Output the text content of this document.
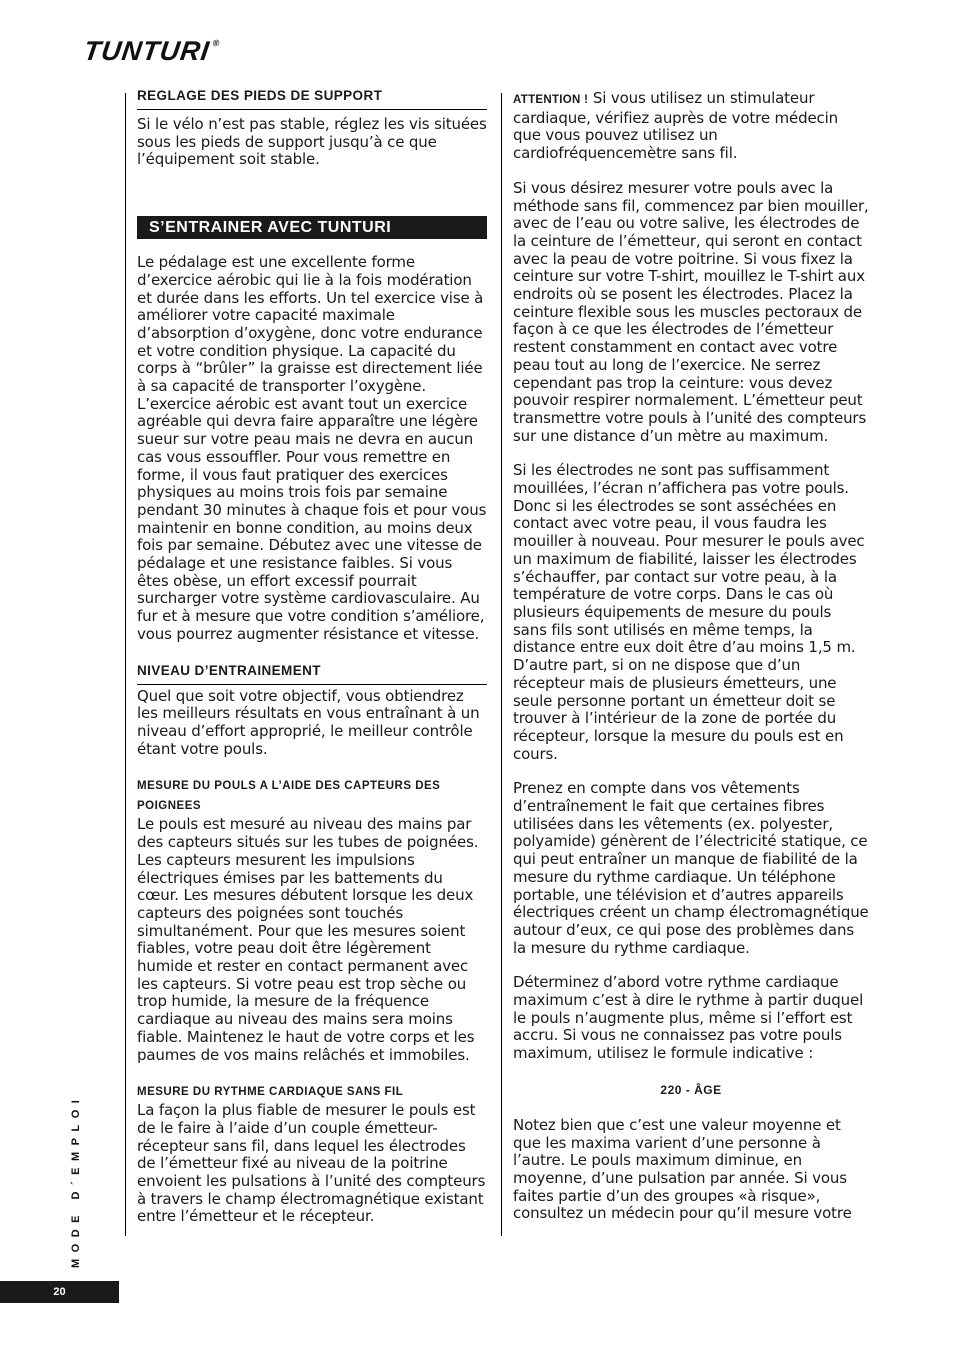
TUNTURI®
REGLAGE DES PIEDS DE SUPPORT

Si le vélo n’est pas stable, réglez les vis situées sous les pieds de support jusqu’à ce que l’équipement soit stable.

S’ENTRAINER AVEC TUNTURI

Le pédalage est une excellente forme d’exercice aérobic qui lie à la fois modération et durée dans les efforts. Un tel exercice vise à améliorer votre capacité maximale d’absorption d’oxygène, donc votre endurance et votre condition physique. La capacité du corps à “brûler” la graisse est directement liée à sa capacité de transporter l’oxygène. L’exercice aérobic est avant tout un exercice agréable qui devra faire apparaître une légère sueur sur votre peau mais ne devra en aucun cas vous essouffler. Pour vous remettre en forme, il vous faut pratiquer des exercices physiques au moins trois fois par semaine pendant 30 minutes à chaque fois et pour vous maintenir en bonne condition, au moins deux fois par semaine. Débutez avec une vitesse de pédalage et une resistance faibles. Si vous êtes obèse, un effort excessif pourrait surcharger votre système cardiovasculaire. Au fur et à mesure que votre condition s’améliore, vous pourrez augmenter résistance et vitesse.

NIVEAU D’ENTRAINEMENT

Quel que soit votre objectif, vous obtiendrez les meilleurs résultats en vous entraînant à un niveau d’effort approprié, le meilleur contrôle étant votre pouls.

MESURE DU POULS A L’AIDE DES CAPTEURS DES POIGNEES

Le pouls est mesuré au niveau des mains par des capteurs situés sur les tubes de poignées. Les capteurs mesurent les impulsions électriques émises par les battements du cœur. Les mesures débutent lorsque les deux capteurs des poignées sont touchés simultanément. Pour que les mesures soient fiables, votre peau doit être légèrement humide et rester en contact permanent avec les capteurs. Si votre peau est trop sèche ou trop humide, la mesure de la fréquence cardiaque au niveau des mains sera moins fiable. Maintenez le haut de votre corps et les paumes de vos mains relâchés et immobiles.

MESURE DU RYTHME CARDIAQUE SANS FIL

La façon la plus fiable de mesurer le pouls est de le faire à l’aide d’un couple émetteur-récepteur sans fil, dans lequel les électrodes de l’émetteur fixé au niveau de la poitrine envoient les pulsations à l’unité des compteurs à travers le champ électromagnétique existant entre l’émetteur et le récepteur.

ATTENTION ! Si vous utilisez un stimulateur cardiaque, vérifiez auprès de votre médecin que vous pouvez utilisez un cardiofréquencemètre sans fil.

Si vous désirez mesurer votre pouls avec la méthode sans fil, commencez par bien mouiller, avec de l’eau ou votre salive, les électrodes de la ceinture de l’émetteur, qui seront en contact avec la peau de votre poitrine. Si vous fixez la ceinture sur votre T-shirt, mouillez le T-shirt aux endroits où se posent les électrodes. Placez la ceinture flexible sous les muscles pectoraux de façon à ce que les électrodes de l’émetteur restent constamment en contact avec votre peau tout au long de l’exercice. Ne serrez cependant pas trop la ceinture: vous devez pouvoir respirer normalement. L’émetteur peut transmettre votre pouls à l’unité des compteurs sur une distance d’un mètre au maximum.

Si les électrodes ne sont pas suffisamment mouillées, l’écran n’affichera pas votre pouls. Donc si les électrodes se sont asséchées en contact avec votre peau, il vous faudra les mouiller à nouveau. Pour mesurer le pouls avec un maximum de fiabilité, laisser les électrodes s’échauffer, par contact sur votre peau, à la température de votre corps. Dans le cas où plusieurs équipements de mesure du pouls sans fils sont utilisés en même temps, la distance entre eux doit être d’au moins 1,5 m. D’autre part, si on ne dispose que d’un récepteur mais de plusieurs émetteurs, une seule personne portant un émetteur doit se trouver à l’intérieur de la zone de portée du récepteur, lorsque la mesure du pouls est en cours.

Prenez en compte dans vos vêtements d’entraînement le fait que certaines fibres utilisées dans les vêtements (ex. polyester, polyamide) génèrent de l’électricité statique, ce qui peut entraîner un manque de fiabilité de la mesure du rythme cardiaque. Un téléphone portable, une télévision et d’autres appareils électriques créent un champ électromagnétique autour d’eux, ce qui pose des problèmes dans la mesure du rythme cardiaque.

Déterminez d’abord votre rythme cardiaque maximum c’est à dire le rythme à partir duquel le pouls n’augmente plus, même si l’effort est accru. Si vous ne connaissez pas votre pouls maximum, utilisez le formule indicative :

220 - ÂGE

Notez bien que c’est une valeur moyenne et que les maxima varient d’une personne à l’autre. Le pouls maximum diminue, en moyenne, d’une pulsation par année. Si vous faites partie d’un des groupes «à risque», consultez un médecin pour qu’il mesure votre

MODE D´EMPLOI
20
